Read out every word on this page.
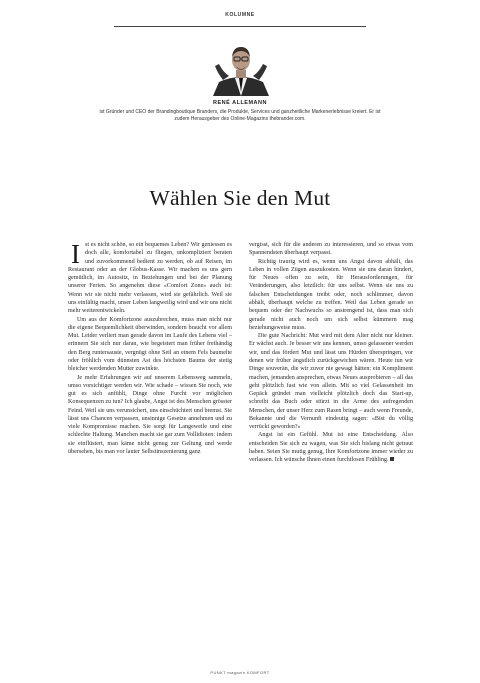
KOLUMNE
RENÉ ALLEMANN
ist Gründer und CEO der Brandingboutique Branders, die Produkte, Services und ganzheitliche Markenerlebnisse kreiert. Er ist zudem Herausgeber des Online-Magazins thebrander.com.
Wählen Sie den Mut

Ist es nicht schön, so ein bequemes Leben? Wir geniessen es doch alle, komfortabel zu fliegen, unkompliziert beraten und zuvorkommend bedient zu werden, ob auf Reisen, im Restaurant oder an der Globus-Kasse. Wir machen es uns gern gemütlich, im Autositz, in Beziehungen und bei der Planung unserer Ferien. So angenehm diese «Comfort Zone» auch ist: Wenn wir sie nicht mehr verlassen, wird sie gefährlich. Weil sie uns einfältig macht, unser Leben langweilig wird und wir uns nicht mehr weiterentwickeln.

Um aus der Komfortzone auszubrechen, muss man nicht nur die eigene Bequemlichkeit überwinden, sondern braucht vor allem Mut. Leider verliert man gerade davon im Laufe des Lebens viel – erinnern Sie sich nur daran, wie begeistert man früher freihändig den Berg runtersauste, vergnügt ohne Seil an einem Fels baumelte oder fröhlich vom dünnsten Ast des höchsten Baums der stetig bleicher werdenden Mutter zuwinkte.

Je mehr Erfahrungen wir auf unserem Lebensweg sammeln, umso vorsichtiger werden wir. Wie schade – wissen Sie noch, wie gut es sich anfühlt, Dinge ohne Furcht vor möglichen Konsequenzen zu tun? Ich glaube, Angst ist des Menschen grösster Feind. Weil sie uns verunsichert, uns einschüchtert und bremst. Sie lässt uns Chancen verpassen, unsinnige Gesetze annehmen und zu viele Kompromisse machen. Sie sorgt für Langeweile und eine schlechte Haltung. Manchen macht sie gar zum Vollidioten: indem sie einflüstert, man käme nicht genug zur Geltung und werde übersehen, bis man vor lauter Selbstinszenierung ganz

vergisst, sich für die anderen zu interessieren, und so etwas vom Spannendsten überhaupt verpasst.

Richtig traurig wird es, wenn uns Angst davon abhält, das Leben in vollen Zügen auszukosten. Wenn sie uns daran hindert, für Neues offen zu sein, für Herausforderungen, für Veränderungen, also letztlich: für uns selbst. Wenn sie uns zu falschen Entscheidungen treibt oder, noch schlimmer, davon abhält, überhaupt welche zu treffen. Weil das Leben gerade so bequem oder der Nachwuchs so anstrengend ist, dass man sich gerade nicht auch noch um sich selbst kümmern mag beziehungsweise muss.

Die gute Nachricht: Mut wird mit dem Alter nicht nur kleiner. Er wächst auch. Je besser wir uns kennen, umso gelassener werden wir, und das fördert Mut und lässt uns Hürden überspringen, vor denen wir früher ängstlich zurückgewichen wären. Heute tun wir Dinge souverän, die wir zuvor nie gewagt hätten: ein Kompliment machen, jemanden ansprechen, etwas Neues ausprobieren – all das geht plötzlich fast wie von allein. Mit so viel Gelassenheit im Gepäck gründet man vielleicht plötzlich doch das Start-up, schreibt das Buch oder stürzt in die Arme des aufregenden Menschen, der unser Herz zum Rasen bringt – auch wenn Freunde, Bekannte und die Vernunft eindeutig sagen: «Bist du völlig verrückt geworden?»

Angst ist ein Gefühl. Mut ist eine Entscheidung. Also entscheiden Sie sich zu wagen, was Sie sich bislang nicht getraut haben. Seien Sie mutig genug, Ihre Komfortzone immer wieder zu verlassen. Ich wünsche Ihnen einen furchtlosen Frühling.

PUNKT magazin KOMFORT
